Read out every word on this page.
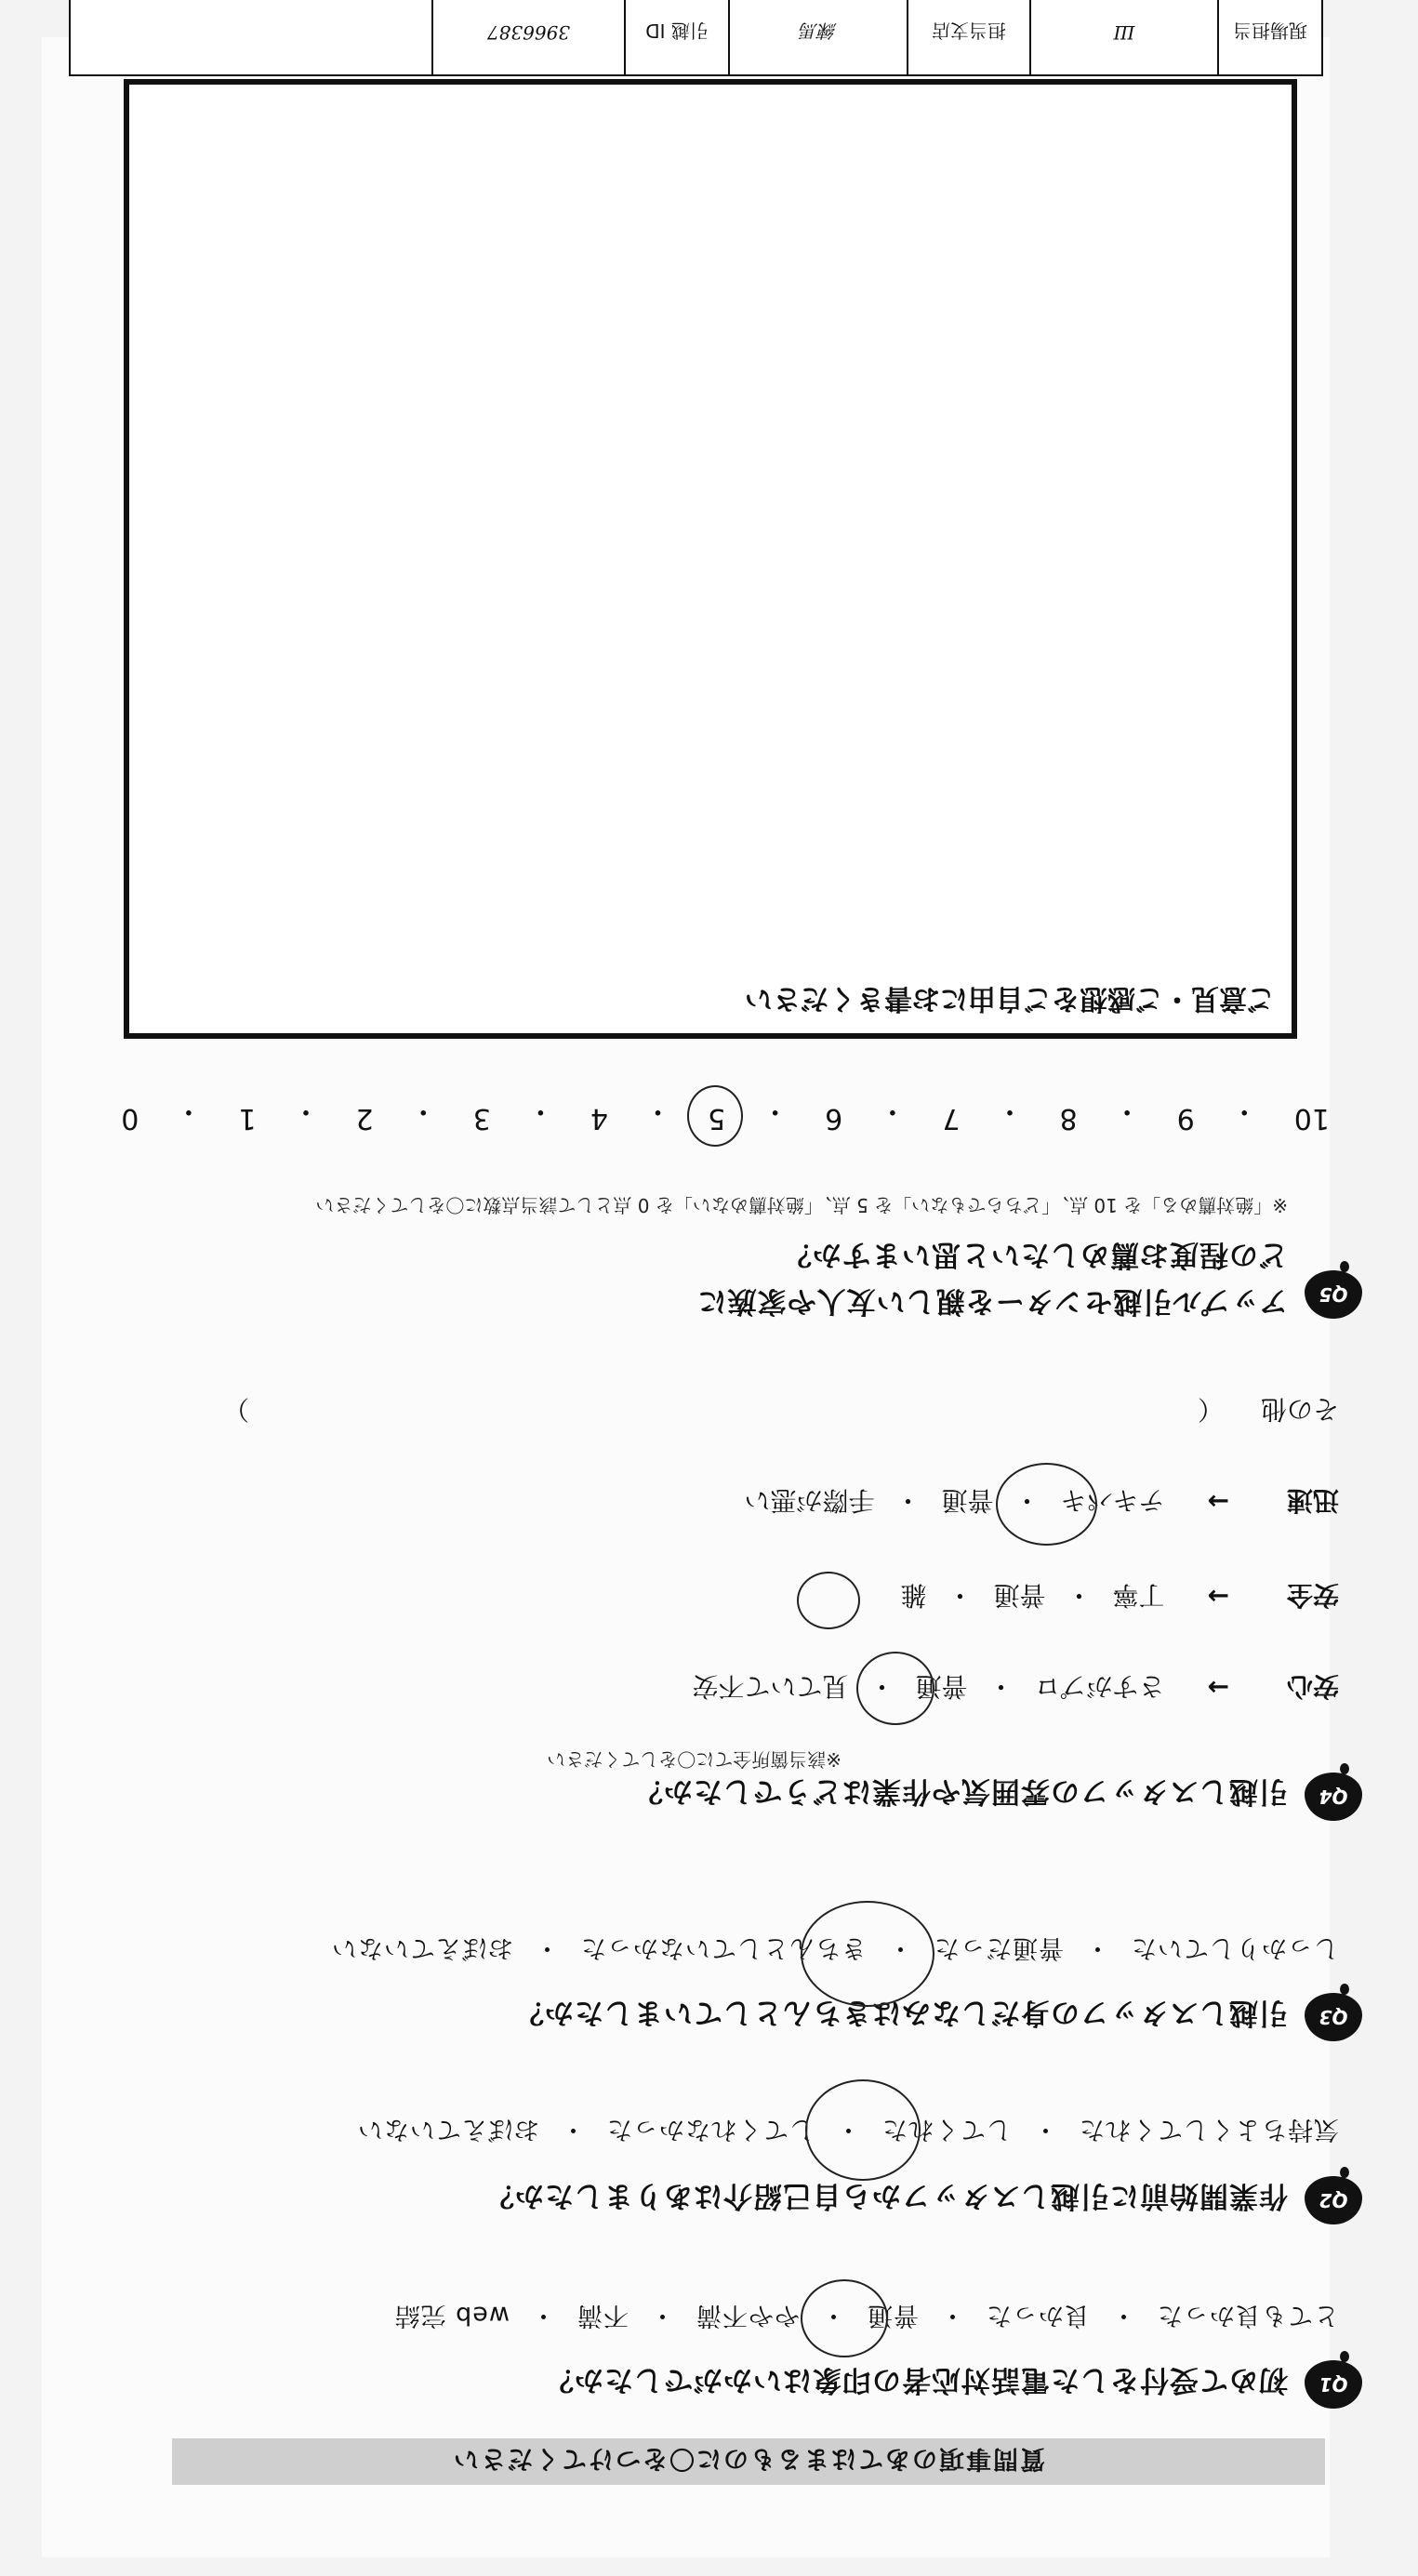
質問事項のあてはまるものに〇をつけてください
Q1
初めて受付をした電話対応者の印象はいかがでしたか？
とても良かった
・
良かった
・
普通
・
やや不満
・
不満
・
web 完結
Q2
作業開始前に引越しスタッフから自己紹介はありましたか？
気持ちよくしてくれた
・
してくれた
・
してくれなかった
・
おぼえていない
Q3
引越しスタッフの身だしなみはきちんとしていましたか？
しっかりしていた
・
普通だった
・
きちんとしていなかった
・
おぼえていない
Q4
引越しスタッフの雰囲気や作業はどうでしたか？
※該当箇所全てに〇をしてください
安心
→
さすがプロ
・
普通
・
見ていて不安
安全
→
丁寧
・
普通
・
雑
迅速
→
テキパキ
・
普通
・
手際が悪い
その他
（
）
Q5
アップル引越センターを親しい友人や家族に
どの程度お薦めしたいと思いますか？
※「絶対薦める」を 10 点、「どちらでもない」を 5 点、「絶対薦めない」を 0 点として該当点数に〇をしてください
10
・
9
・
8
・
7
・
6
・
5
・
4
・
3
・
2
・
1
・
0
ご意見・ご感想をご自由にお書きください
現場担当
Ш
担当支店
練馬
引越 ID
3966387
